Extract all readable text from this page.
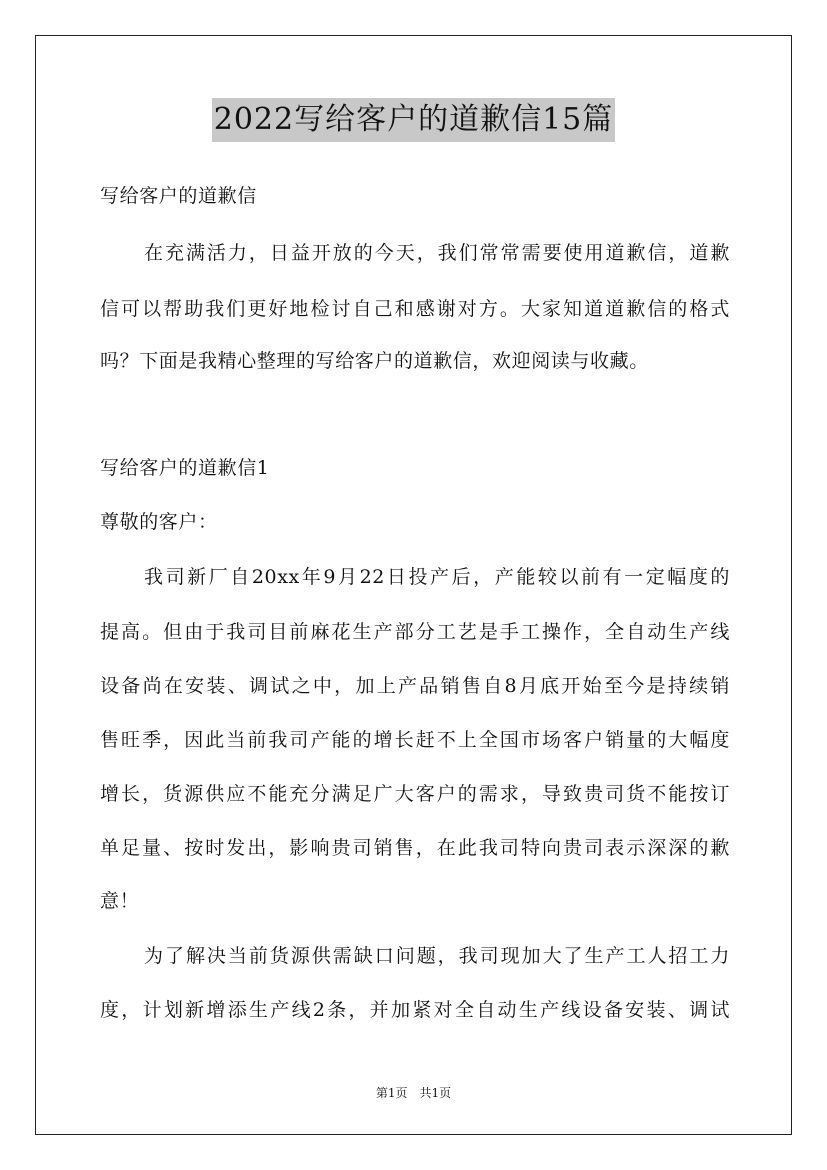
2022写给客户的道歉信15篇
写给客户的道歉信
在充满活力，日益开放的今天，我们常常需要使用道歉信，道歉
信可以帮助我们更好地检讨自己和感谢对方。大家知道道歉信的格式
吗？下面是我精心整理的写给客户的道歉信，欢迎阅读与收藏。
写给客户的道歉信1
尊敬的客户：
我司新厂自20xx年9月22日投产后，产能较以前有一定幅度的
提高。但由于我司目前麻花生产部分工艺是手工操作，全自动生产线
设备尚在安装、调试之中，加上产品销售自8月底开始至今是持续销
售旺季，因此当前我司产能的增长赶不上全国市场客户销量的大幅度
增长，货源供应不能充分满足广大客户的需求，导致贵司货不能按订
单足量、按时发出，影响贵司销售，在此我司特向贵司表示深深的歉
意！
为了解决当前货源供需缺口问题，我司现加大了生产工人招工力
度，计划新增添生产线2条，并加紧对全自动生产线设备安装、调试
第1页　共1页
